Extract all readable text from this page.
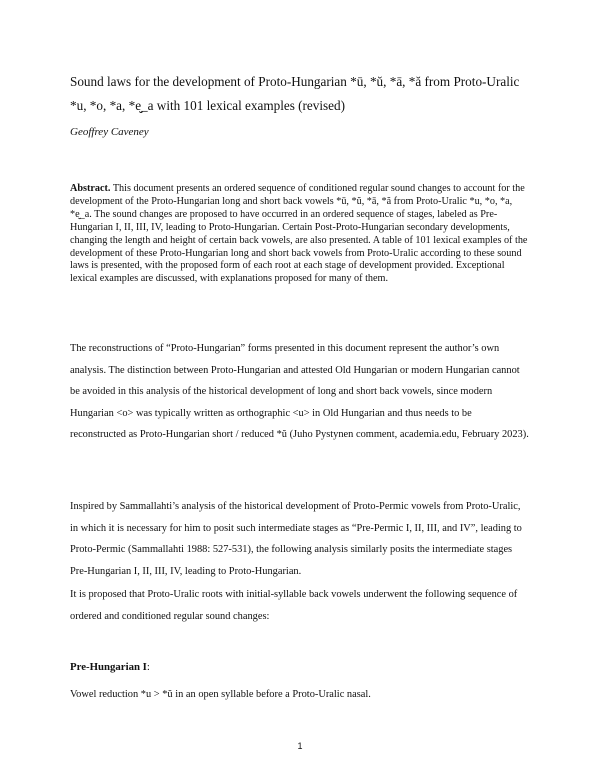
Sound laws for the development of Proto-Hungarian *ū, *ŭ, *ā, *ă from Proto-Uralic *u, *o, *a, *e̮_a with 101 lexical examples (revised)

Geoffrey Caveney

Abstract. This document presents an ordered sequence of conditioned regular sound changes to account for the development of the Proto-Hungarian long and short back vowels *ū, *ŭ, *ā, *ă from Proto-Uralic *u, *o, *a, *e̮_a. The sound changes are proposed to have occurred in an ordered sequence of stages, labeled as Pre-Hungarian I, II, III, IV, leading to Proto-Hungarian. Certain Post-Proto-Hungarian secondary developments, changing the length and height of certain back vowels, are also presented. A table of 101 lexical examples of the development of these Proto-Hungarian long and short back vowels from Proto-Uralic according to these sound laws is presented, with the proposed form of each root at each stage of development provided. Exceptional lexical examples are discussed, with explanations proposed for many of them.

The reconstructions of “Proto-Hungarian” forms presented in this document represent the author’s own analysis. The distinction between Proto-Hungarian and attested Old Hungarian or modern Hungarian cannot be avoided in this analysis of the historical development of long and short back vowels, since modern Hungarian <o> was typically written as orthographic <u> in Old Hungarian and thus needs to be reconstructed as Proto-Hungarian short / reduced *ŭ (Juho Pystynen comment, academia.edu, February 2023).

Inspired by Sammallahti’s analysis of the historical development of Proto-Permic vowels from Proto-Uralic, in which it is necessary for him to posit such intermediate stages as “Pre-Permic I, II, III, and IV”, leading to Proto-Permic (Sammallahti 1988: 527-531), the following analysis similarly posits the intermediate stages Pre-Hungarian I, II, III, IV, leading to Proto-Hungarian.

It is proposed that Proto-Uralic roots with initial-syllable back vowels underwent the following sequence of ordered and conditioned regular sound changes:

Pre-Hungarian I:

Vowel reduction *u > *ŭ in an open syllable before a Proto-Uralic nasal.

1
